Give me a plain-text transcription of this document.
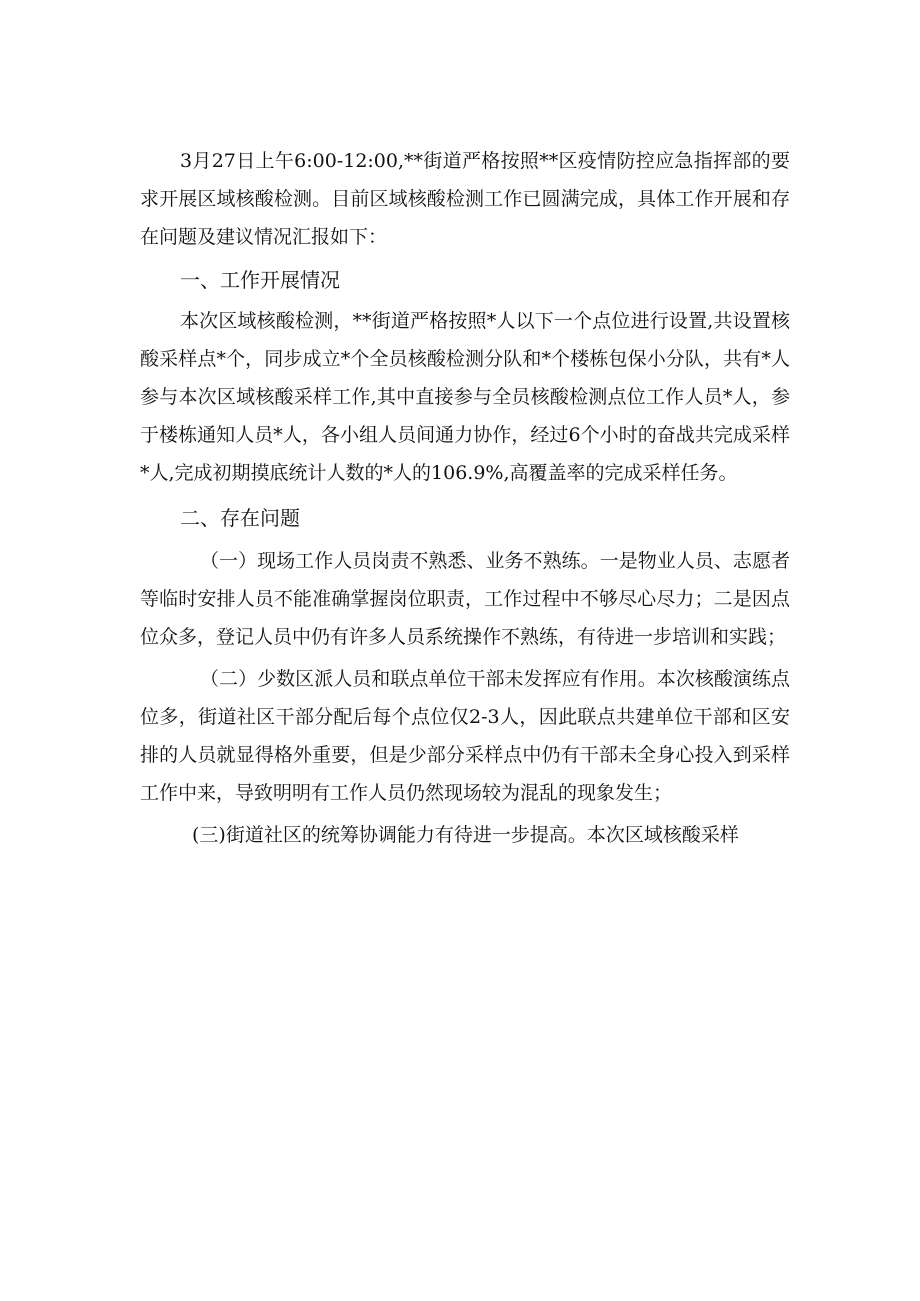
3月27日上午6:00-12:00,**街道严格按照**区疫情防控应急指挥部的要求开展区域核酸检测。目前区域核酸检测工作已圆满完成，具体工作开展和存在问题及建议情况汇报如下：

一、工作开展情况

本次区域核酸检测，**街道严格按照*人以下一个点位进行设置,共设置核酸采样点*个，同步成立*个全员核酸检测分队和*个楼栋包保小分队，共有*人参与本次区域核酸采样工作,其中直接参与全员核酸检测点位工作人员*人，参于楼栋通知人员*人，各小组人员间通力协作，经过6个小时的奋战共完成采样*人,完成初期摸底统计人数的*人的106.9%,高覆盖率的完成采样任务。

二、存在问题

（一）现场工作人员岗责不熟悉、业务不熟练。一是物业人员、志愿者等临时安排人员不能准确掌握岗位职责，工作过程中不够尽心尽力；二是因点位众多，登记人员中仍有许多人员系统操作不熟练，有待进一步培训和实践；

（二）少数区派人员和联点单位干部未发挥应有作用。本次核酸演练点位多，街道社区干部分配后每个点位仅2-3人，因此联点共建单位干部和区安排的人员就显得格外重要，但是少部分采样点中仍有干部未全身心投入到采样工作中来，导致明明有工作人员仍然现场较为混乱的现象发生；

(三)街道社区的统筹协调能力有待进一步提高。本次区域核酸采样
